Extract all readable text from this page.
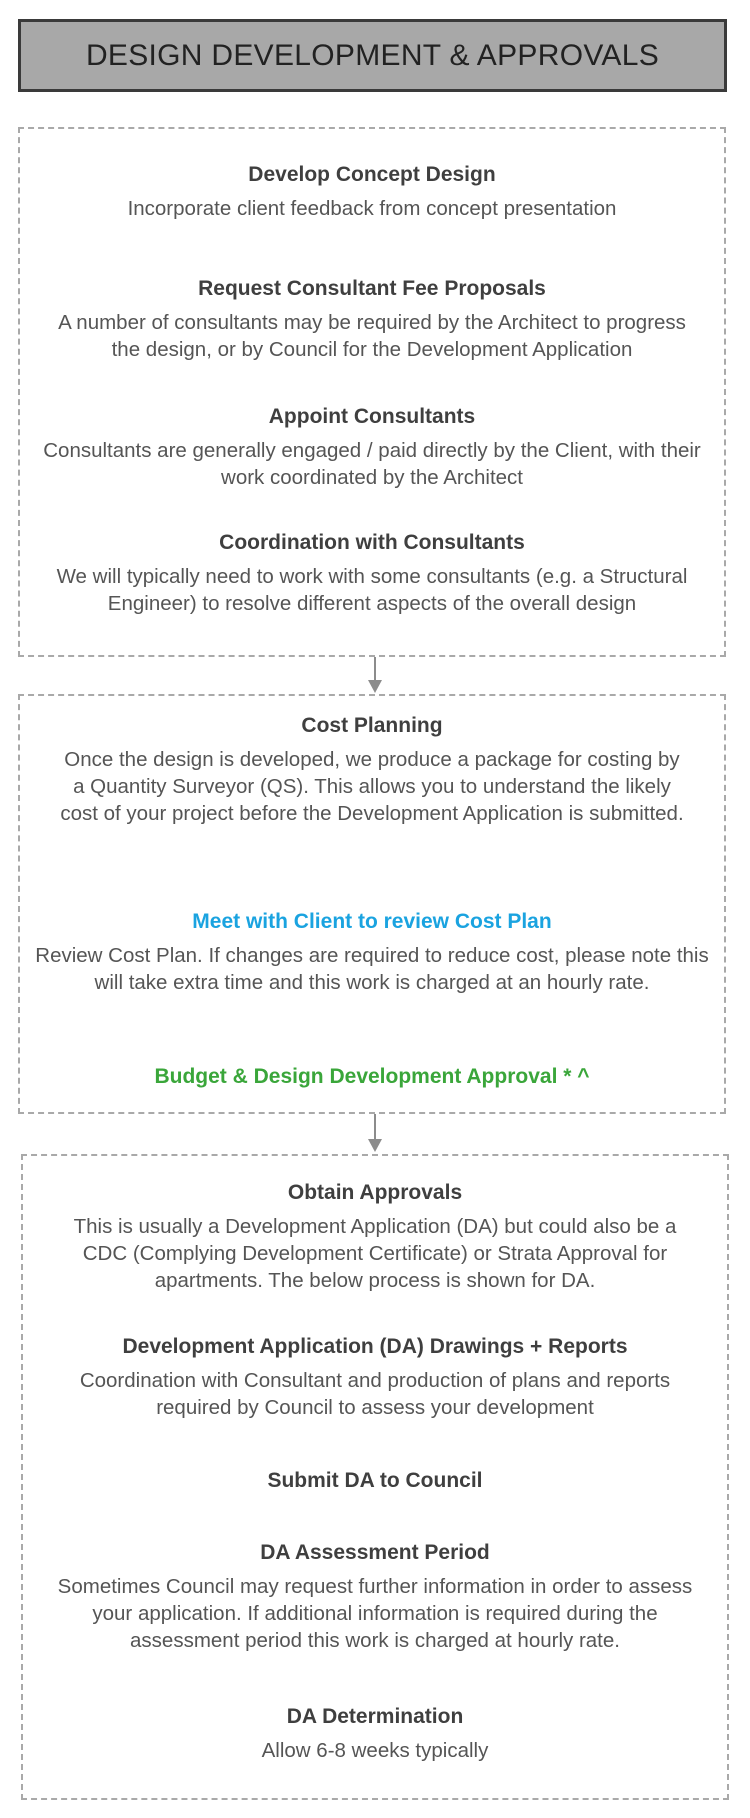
DESIGN DEVELOPMENT & APPROVALS
Develop Concept Design
Incorporate client feedback from concept presentation
Request Consultant Fee Proposals
A number of consultants may be required by the Architect to progress the design, or by Council for the Development Application
Appoint Consultants
Consultants are generally engaged / paid directly by the Client, with their work coordinated by the Architect
Coordination with Consultants
We will typically need to work with some consultants (e.g. a Structural Engineer) to resolve different aspects of the overall design
Cost Planning
Once the design is developed, we produce a package for costing by a Quantity Surveyor (QS). This allows you to understand the likely cost of your project before the Development Application is submitted.
Meet with Client to review Cost Plan
Review Cost Plan. If changes are required to reduce cost, please note this will take extra time and this work is charged at an hourly rate.
Budget & Design Development Approval * ^
Obtain Approvals
This is usually a Development Application (DA) but could also be a CDC (Complying Development Certificate) or Strata Approval for apartments. The below process is shown for DA.
Development Application (DA) Drawings + Reports
Coordination with Consultant and production of plans and reports required by Council to assess your development
Submit DA to Council
DA Assessment Period
Sometimes Council may request further information in order to assess your application. If additional information is required during the assessment period this work is charged at hourly rate.
DA Determination
Allow 6-8 weeks typically
